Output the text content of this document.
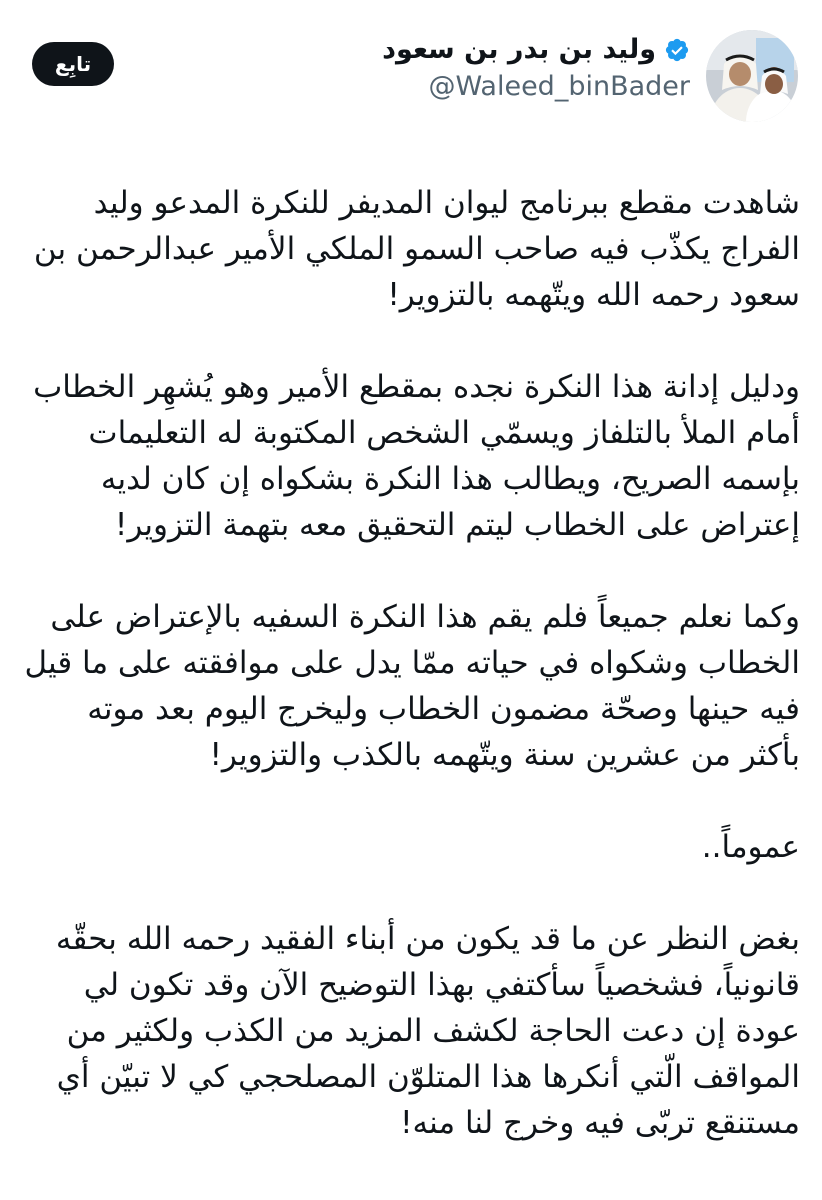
تابِع	وليد بن بدر بن سعود
@Waleed_binBader

شاهدت مقطع ببرنامج ليوان المديفر للنكرة المدعو وليد
الفراج يكذّب فيه صاحب السمو الملكي الأمير عبدالرحمن بن
سعود رحمه الله ويتّهمه بالتزوير!

ودليل إدانة هذا النكرة نجده بمقطع الأمير وهو يُشهِر الخطاب
أمام الملأ بالتلفاز ويسمّي الشخص المكتوبة له التعليمات
بإسمه الصريح، ويطالب هذا النكرة بشكواه إن كان لديه
إعتراض على الخطاب ليتم التحقيق معه بتهمة التزوير!

وكما نعلم جميعاً فلم يقم هذا النكرة السفيه بالإعتراض على
الخطاب وشكواه في حياته ممّا يدل على موافقته على ما قيل
فيه حينها وصحّة مضمون الخطاب وليخرج اليوم بعد موته
بأكثر من عشرين سنة ويتّهمه بالكذب والتزوير!

عموماً..

بغض النظر عن ما قد يكون من أبناء الفقيد رحمه الله بحقّه
قانونياً، فشخصياً سأكتفي بهذا التوضيح الآن وقد تكون لي
عودة إن دعت الحاجة لكشف المزيد من الكذب ولكثير من
المواقف الّتي أنكرها هذا المتلوّن المصلحجي كي لا تبيّن أي
مستنقع تربّى فيه وخرج لنا منه!
